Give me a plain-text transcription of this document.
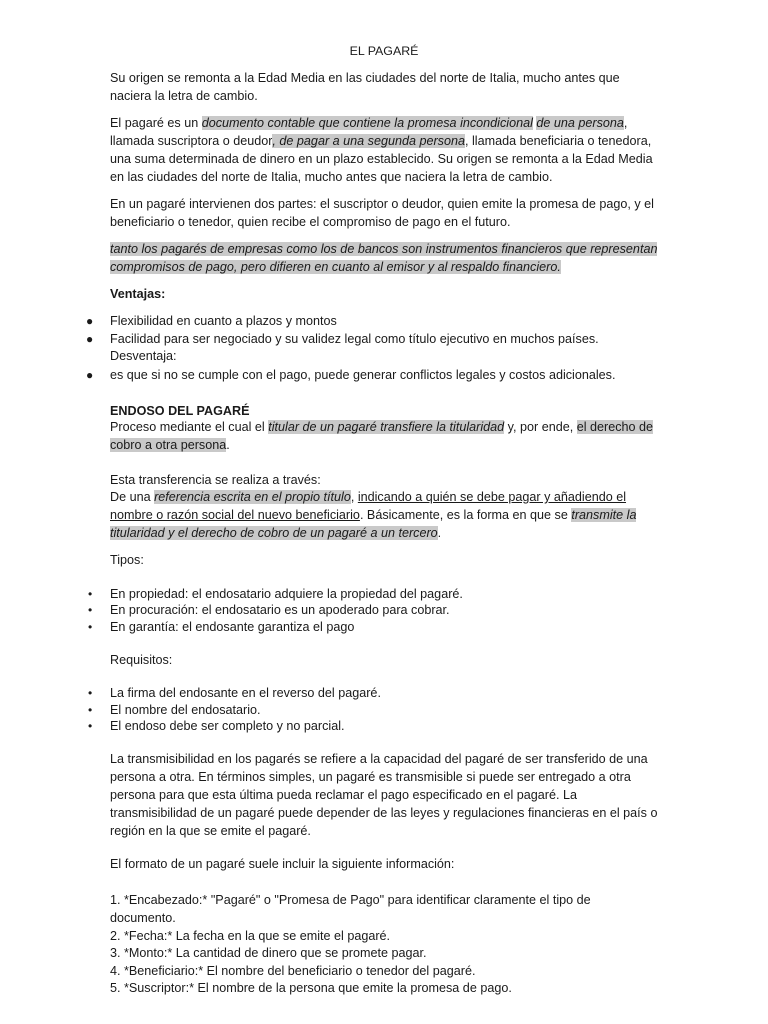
EL PAGARÉ
Su origen se remonta a la Edad Media en las ciudades del norte de Italia, mucho antes que naciera la letra de cambio.
El pagaré es un documento contable que contiene la promesa incondicional de una persona, llamada suscriptora o deudor, de pagar a una segunda persona, llamada beneficiaria o tenedora, una suma determinada de dinero en un plazo establecido. Su origen se remonta a la Edad Media en las ciudades del norte de Italia, mucho antes que naciera la letra de cambio.
En un pagaré intervienen dos partes: el suscriptor o deudor, quien emite la promesa de pago, y el beneficiario o tenedor, quien recibe el compromiso de pago en el futuro.
tanto los pagarés de empresas como los de bancos son instrumentos financieros que representan compromisos de pago, pero difieren en cuanto al emisor y al respaldo financiero.
Ventajas:
● Flexibilidad en cuanto a plazos y montos
● Facilidad para ser negociado y su validez legal como título ejecutivo en muchos países.
Desventaja:
● es que si no se cumple con el pago, puede generar conflictos legales y costos adicionales.
ENDOSO DEL PAGARÉ
Proceso mediante el cual el titular de un pagaré transfiere la titularidad y, por ende, el derecho de cobro a otra persona.
Esta transferencia se realiza a través:
De una referencia escrita en el propio título, indicando a quién se debe pagar y añadiendo el nombre o razón social del nuevo beneficiario. Básicamente, es la forma en que se transmite la titularidad y el derecho de cobro de un pagaré a un tercero.
Tipos:
• En propiedad: el endosatario adquiere la propiedad del pagaré.
• En procuración: el endosatario es un apoderado para cobrar.
• En garantía: el endosante garantiza el pago
Requisitos:
• La firma del endosante en el reverso del pagaré.
• El nombre del endosatario.
• El endoso debe ser completo y no parcial.
La transmisibilidad en los pagarés se refiere a la capacidad del pagaré de ser transferido de una persona a otra. En términos simples, un pagaré es transmisible si puede ser entregado a otra persona para que esta última pueda reclamar el pago especificado en el pagaré. La transmisibilidad de un pagaré puede depender de las leyes y regulaciones financieras en el país o región en la que se emite el pagaré.
El formato de un pagaré suele incluir la siguiente información:
1. *Encabezado:* "Pagaré" o "Promesa de Pago" para identificar claramente el tipo de documento.
2. *Fecha:* La fecha en la que se emite el pagaré.
3. *Monto:* La cantidad de dinero que se promete pagar.
4. *Beneficiario:* El nombre del beneficiario o tenedor del pagaré.
5. *Suscriptor:* El nombre de la persona que emite la promesa de pago.
